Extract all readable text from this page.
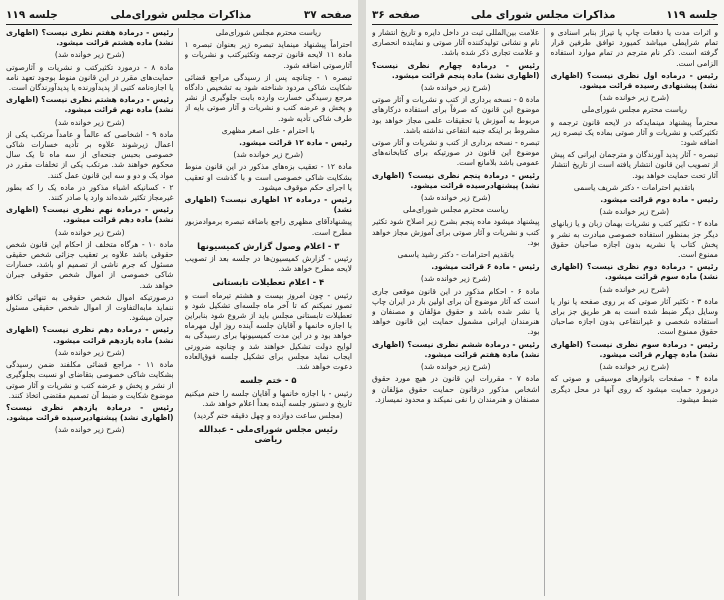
صفحه ۳۷
مذاکرات مجلس شورای‌ملی
جلسه ۱۱۹

ریاست محترم مجلس شورای‌ملی

احتراماً پیشنهاد مینماید تبصره زیر بعنوان تبصره ۱ مادة ۱۱ لایحه قانون ترجمه وتکثیرکتب و نشریات و آثارصوتی اضافه شود.

تبصره ۱ - چنانچه پس از رسیدگی مراجع قضائی شکایت شاکی مردود شناخته شود به تشخیص دادگاه مرجع رسیدگی خسارت وارده بابت جلوگیری از نشر و پخش و عرضه کتب و نشریات و آثار صوتی بایه از طرف شاکی تأدیه شود.

با احترام - علی اصغر مظهری

رئیس - مادة ۱۲ قرائت میشود.

(شرح زیر خوانده شد)

مادة ۱۲ - تعقیب بزه‌های مذکور در این قانون منوط بشکایت شاکی خصوصی است و با گذشت او تعقیب یا اجرای حکم موقوف میشود.

رئیس - درمادة ۱۲ اظهاری نیست؟ (اظهاری نشد)

پیشنهادآقای مظهری راجع باضافه تبصره برموادمزبور مطرح است.

۳ - اعلام وصول گزارش کمیسیونها

رئیس - گزارش کمیسیون‌ها در جلسه بعد از تصویب لایحه مطرح خواهد شد.

۴ - اعلام تعطیلات تابستانی

رئیس - چون امروز بیست و هشتم تیرماه است و تصور نمیکنم که تا آخر ماه جلسه‌ای تشکیل شود و تعطیلات تابستانی مجلس باید از شروع شود بنابراین با اجازه خانمها و آقایان جلسه آینده روز اول مهرماه خواهد بود و در این مدت کمیسیونها برای رسیدگی به لوایح دولت تشکیل خواهند شد و چنانچه ضرورتی ایجاب نماید مجلس برای تشکیل جلسه فوق‌العاده دعوت خواهد شد.

۵ - ختم جلسه

رئیس - با اجازه خانمها و آقایان جلسه را ختم میکنیم تاریخ و دستور جلسه آینده بعداً اعلام خواهد شد.

(مجلس ساعت دوازده و چهل دقیقه ختم گردید)

رئیس مجلس شورای‌ملی - عبدالله ریاضی

رئیس - درمادة هفتم نظری نیست؟ (اظهاری نشد) ماده هشتم قرائت میشود.

(شرح زیر خوانده شد)

مادة ۸ - درمورد تکثیرکتب و نشریات و آثارصوتی حمایت‌های مقرر در این قانون منوط بوجود تعهد نامه یا اجازه‌نامه کتبی از پدیدآورنده یا پدیدآورندگان است.

رئیس - درمادة هشتم نظری نیست؟ (اظهاری نشد) مادة نهم قرائت میشود.

(شرح زیر خوانده شد)

مادة ۹ - اشخاصی که عالماً و عامداً مرتکب یکی از اعمال زیرشوند علاوه بر تأدیه خسارات شاکی خصوصی بحبس جنحه‌ای از سه ماه تا یک سال محکوم خواهند شد. مرتکب یکی از تخلفات مقرر در مواد یک و دو و سه این قانون عمل کنند.

۲ - کسانیکه اشیاء مذکور در ماده یک را که بطور غیرمجاز تکثیر شده‌اند وارد یا صادر کنند.

رئیس - درمادة نهم نظری نیست؟ (اظهاری نشد) مادة دهم قرائت میشود.

(شرح زیر خوانده شد)

مادة ۱۰ - هرگاه متخلف از احکام این قانون شخص حقوقی باشد علاوه بر تعقیب جزائی شخص حقیقی مسئول که جرم ناشی از تصمیم او باشد، خسارات شاکی خصوصی از اموال شخص حقوقی جبران خواهد شد.

درصورتیکه اموال شخص حقوقی به تنهائی تکافو ننماید مابه‌التفاوت از اموال شخص حقیقی مسئول جبران میشود.

رئیس - درمادة دهم نظری نیست؟ (اظهاری نشد) مادة یازدهم قرائت میشود.

(شرح زیر خوانده شد)

مادة ۱۱ - مراجع قضائی مکلفند ضمن رسیدگی بشکایت شاکی خصوصی بتقاضای او نسبت بجلوگیری از نشر و پخش و عرضه کتب و نشریات و آثار صوتی موضوع شکایت و ضبط آن تصمیم مقتضی اتخاذ کنند.

رئیس - درمادة یازدهم نظری نیست؟ (اظهاری نشد) پیشنهادیرسیده قرائت میشود.

(شرح زیر خوانده شد)

جلسه ۱۱۹
مذاکرات مجلس شورای ملی
صفحه ۳۶

و اثرات مدت یا دفعات چاپ یا تیراژ بنابر اسنادی و تمام شرایطی میباشد کمیورد توافق طرفین قرار گرفته است. ذکر نام مترجم در تمام موارد استفاده الزامی است.

رئیس - درماده اول نظری نیست؟ (اظهاری نشد) پیشنهادی رسیده قرائت میشود.

(شرح زیر خوانده شد)

ریاست محترم مجلس شورای‌ملی

محترماً پیشنهاد مینمایدکه در لایحه قانون ترجمه و تکثیرکتب و نشریات و آثار صوتی بماده یک تبصره زیر اضافه شود:

تبصره - آثار پدید آورندگان و مترجمان ایرانی که پیش از تصویب این قانون انتشار یافته است از تاریخ انتشار آثار تحت حمایت خواهد بود.

باتقدیم احترامات - دکتر شریف یاسمی

رئیس - مادة دوم قرائت میشود.

(شرح زیر خوانده شد)

مادة ۲ - تکثیر کتب و نشریات بهمان زبان و یا زبانهای دیگر جز بمنظور استفاده خصوصی مبادرت به نشر و پخش کتاب یا نشریه بدون اجازه صاحبان حقوق ممنوع است.

رئیس - درمادة دوم نظری نیست؟ (اظهاری نشد) مادة سوم قرائت میشود.

(شرح زیر خوانده شد)

مادة ۳ - تکثیر آثار صوتی که بر روی صفحه یا نوار یا وسایل دیگر ضبط شده است به هر طریق جز برای استفاده شخصی و غیرانتفاعی بدون اجازه صاحبان حقوق ممنوع است.

رئیس - درمادة سوم نظری نیست؟ (اظهاری نشد) مادة چهارم قرائت میشود.

(شرح زیر خوانده شد)

مادة ۴ - صفحات بانوارهای موسیقی و صوتی که درمورد حمایت میشود که روی آنها در محل دیگری ضبط میشود.

علامت بین‌المللی ثبت در داخل دایره و تاریخ انتشار و نام و نشانی تولیدکننده آثار صوتی و نماینده انحصاری و علامت تجاری ذکر شده باشد.

رئیس - درمادة چهارم نظری نیست؟ (اظهاری نشد) مادة پنجم قرائت میشود.

(شرح زیر خوانده شد)

مادة ۵ - نسخه برداری از کتب و نشریات و آثار صوتی موضوع این قانون که صرفاً برای استفاده درکارهای مربوط به آموزش یا تحقیقات علمی مجاز خواهد بود مشروط بر اینکه جنبه انتفاعی نداشته باشد.

تبصره - نسخه برداری از کتب و نشریات و آثار صوتی موضوع این قانون در صورتیکه برای کتابخانه‌های عمومی باشد بلامانع است.

رئیس - درمادة پنجم نظری نیست؟ (اظهاری نشد) پیشنهادرسیده قرائت میشود.

(شرح زیر خوانده شد)

ریاست محترم مجلس شورای‌ملی

پیشنهاد میشود ماده پنجم بشرح زیر اصلاح شود تکثیر کتب و نشریات و آثار صوتی برای آموزش مجاز خواهد بود.

باتقدیم احترامات - دکتر رشید یاسمی

رئیس - مادة ۶ قرائت میشود.

(شرح زیر خوانده شد)

مادة ۶ - احکام مذکور در این قانون موقعی جاری است که آثار موضوع آن برای اولین بار در ایران چاپ یا نشر شده باشد و حقوق مؤلفان و مصنفان و هنرمندان ایرانی مشمول حمایت این قانون خواهد بود.

رئیس - درمادة ششم نظری نیست؟ (اظهاری نشد) مادة هفتم قرائت میشود.

(شرح زیر خوانده شد)

مادة ۷ - مقررات این قانون در هیچ مورد حقوق اشخاص مذکور درقانون حمایت حقوق مؤلفان و مصنفان و هنرمندان را نفی نمیکند و محدود نمیسازد.
